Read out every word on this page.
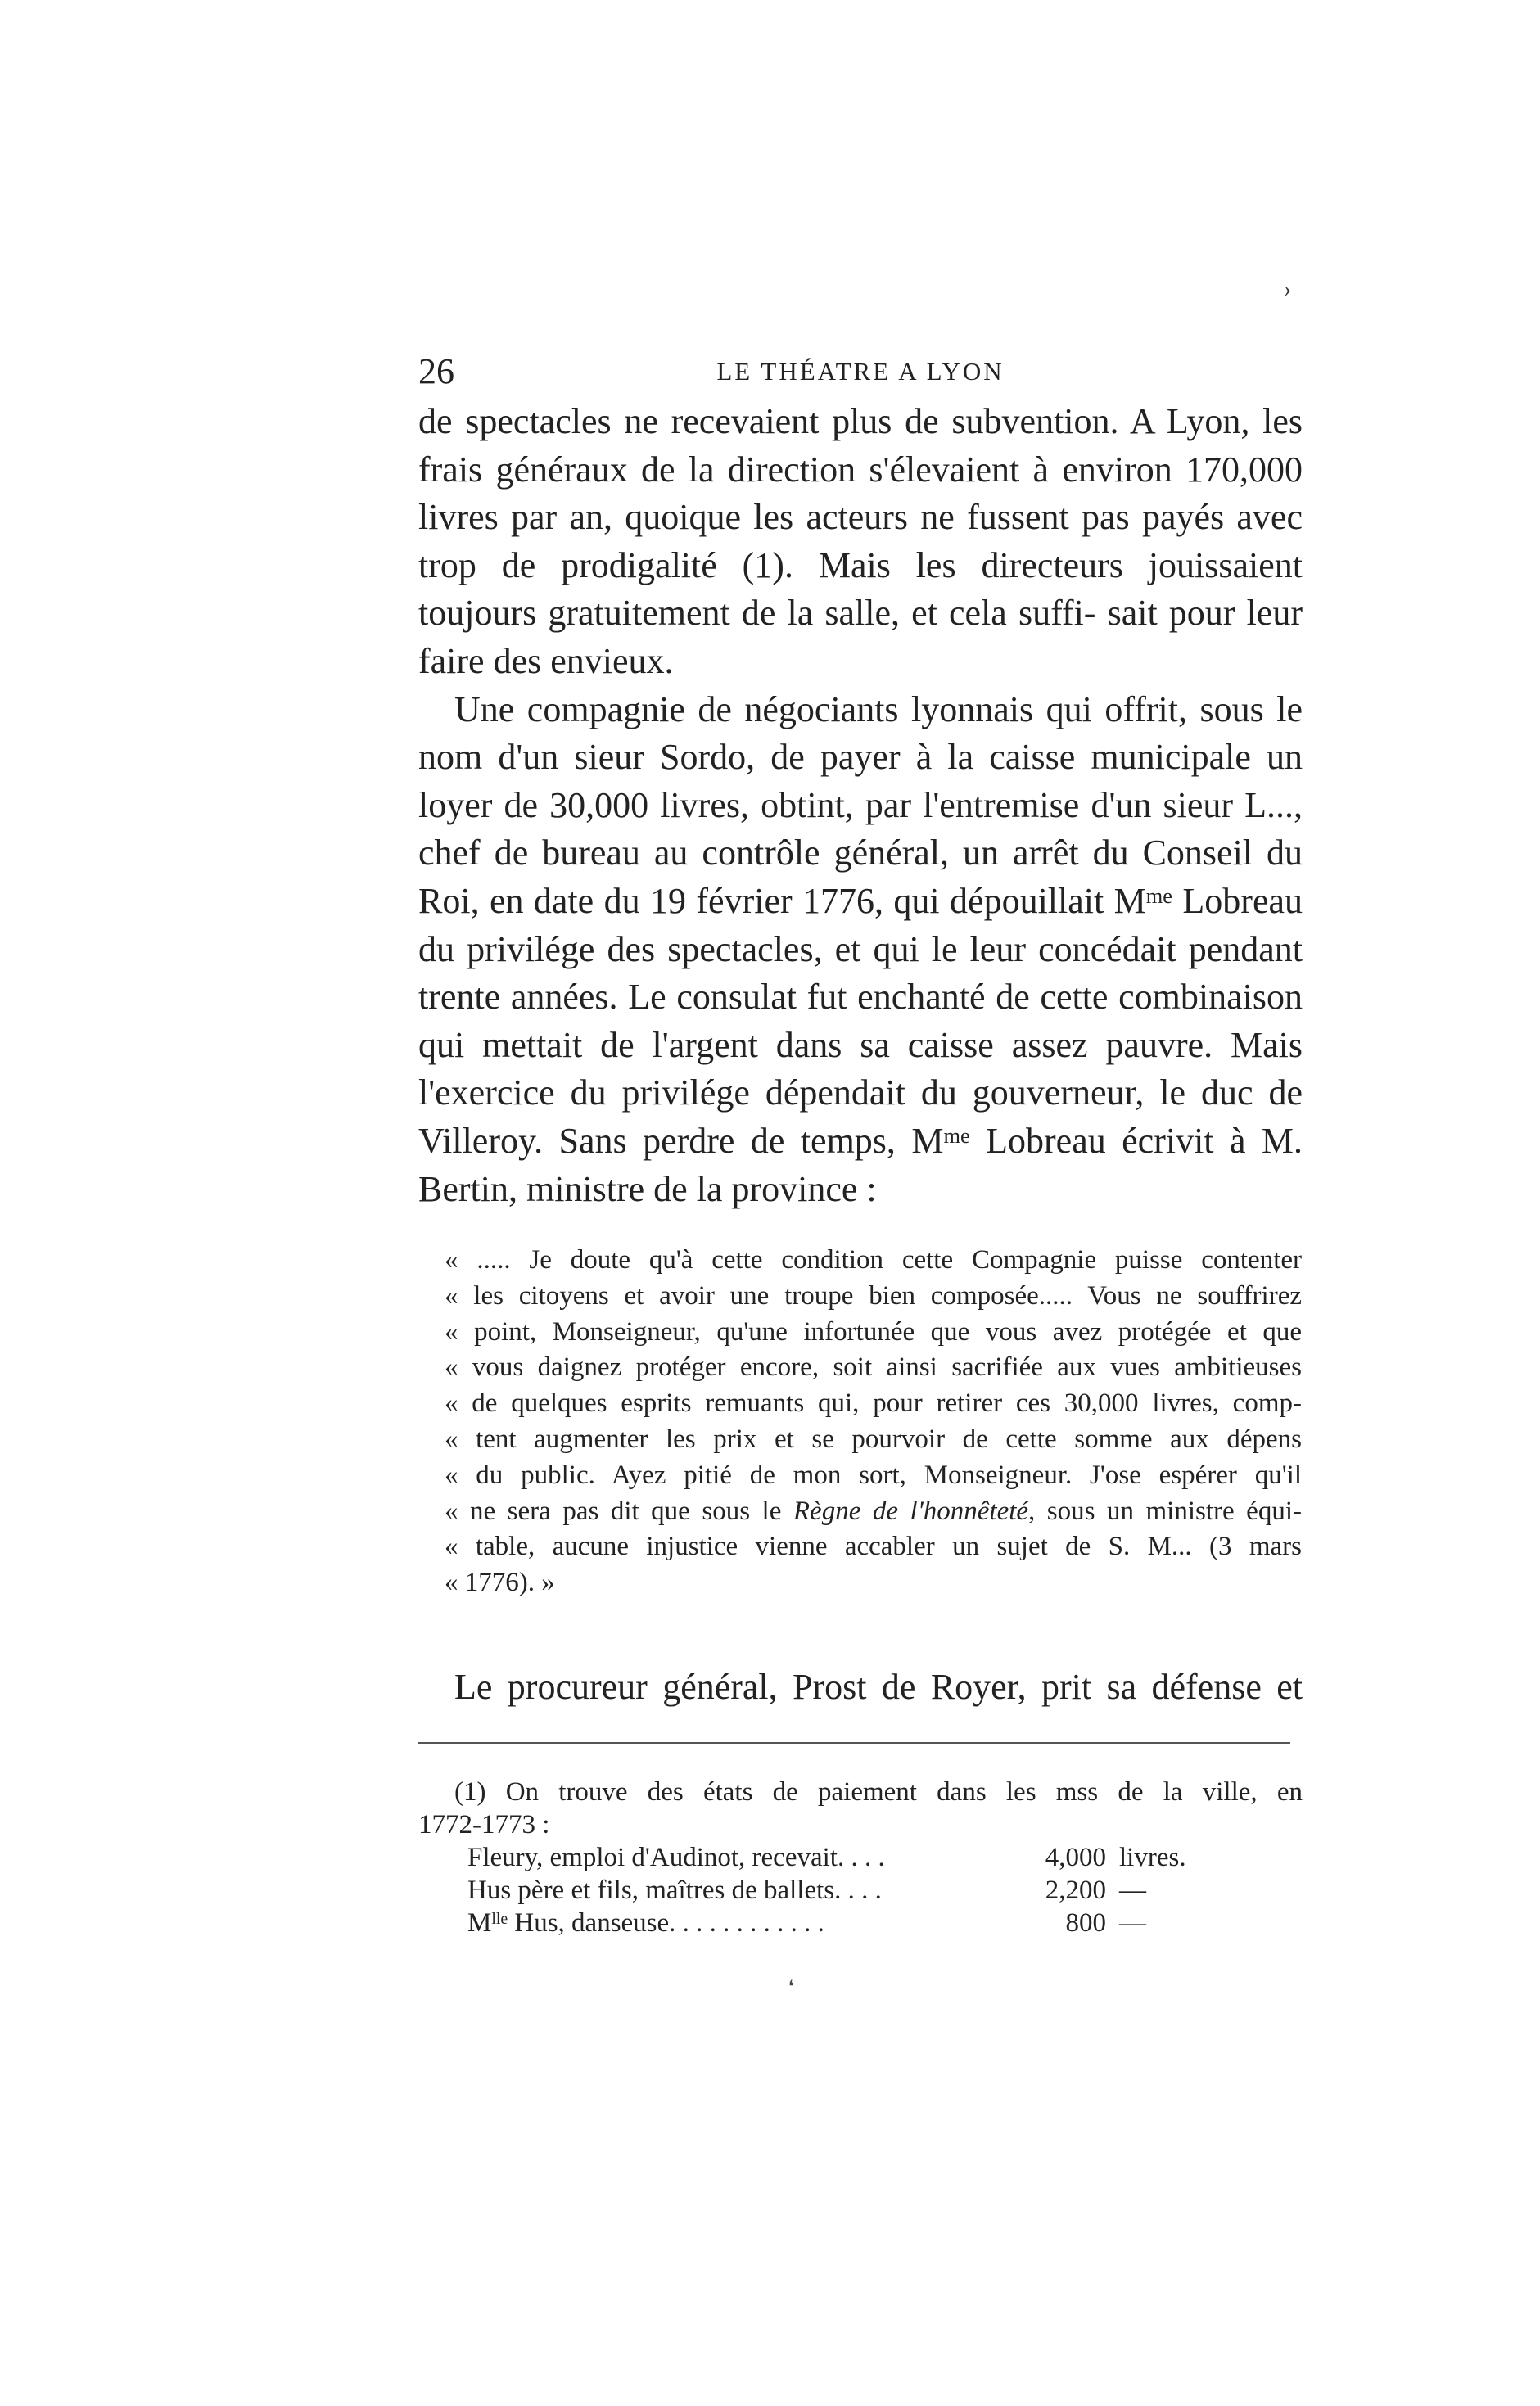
›
26	LE THÉATRE A LYON

de spectacles ne recevaient plus de subvention. A Lyon, les frais généraux de la direction s'élevaient à environ 170,000 livres par an, quoique les acteurs ne fussent pas payés avec trop de prodigalité (1). Mais les directeurs jouissaient toujours gratuitement de la salle, et cela suffi- sait pour leur faire des envieux.

Une compagnie de négociants lyonnais qui offrit, sous le nom d'un sieur Sordo, de payer à la caisse municipale un loyer de 30,000 livres, obtint, par l'entremise d'un sieur L..., chef de bureau au contrôle général, un arrêt du Conseil du Roi, en date du 19 février 1776, qui dépouillait $M^{me}$ Lobreau du privilége des spectacles, et qui le leur concédait pendant trente années. Le consulat fut enchanté de cette combinaison qui mettait de l'argent dans sa caisse assez pauvre. Mais l'exercice du privilége dépendait du gouverneur, le duc de Villeroy. Sans perdre de temps, $M^{me}$ Lobreau écrivit à M. Bertin, ministre de la province :

« ..... Je doute qu'à cette condition cette Compagnie puisse contenter
« les citoyens et avoir une troupe bien composée..... Vous ne souffrirez
« point, Monseigneur, qu'une infortunée que vous avez protégée et que
« vous daignez protéger encore, soit ainsi sacrifiée aux vues ambitieuses
« de quelques esprits remuants qui, pour retirer ces 30,000 livres, comp-
« tent augmenter les prix et se pourvoir de cette somme aux dépens
« du public. Ayez pitié de mon sort, Monseigneur. J'ose espérer qu'il
« ne sera pas dit que sous le Règne de l'honnêteté, sous un ministre équi-
« table, aucune injustice vienne accabler un sujet de S. M... (3 mars
« 1776). »
Le procureur général, Prost de Royer, prit sa défense et
(1) On trouve des états de paiement dans les mss de la ville, en
1772-1773 :
Fleury, emploi d'Audinot, recevait. . . .	4,000	livres.
Hus père et fils, maîtres de ballets. . . .	2,200	—
$M^{lle}$ Hus, danseuse. . . . . . . . . . . .	800	—
❛
